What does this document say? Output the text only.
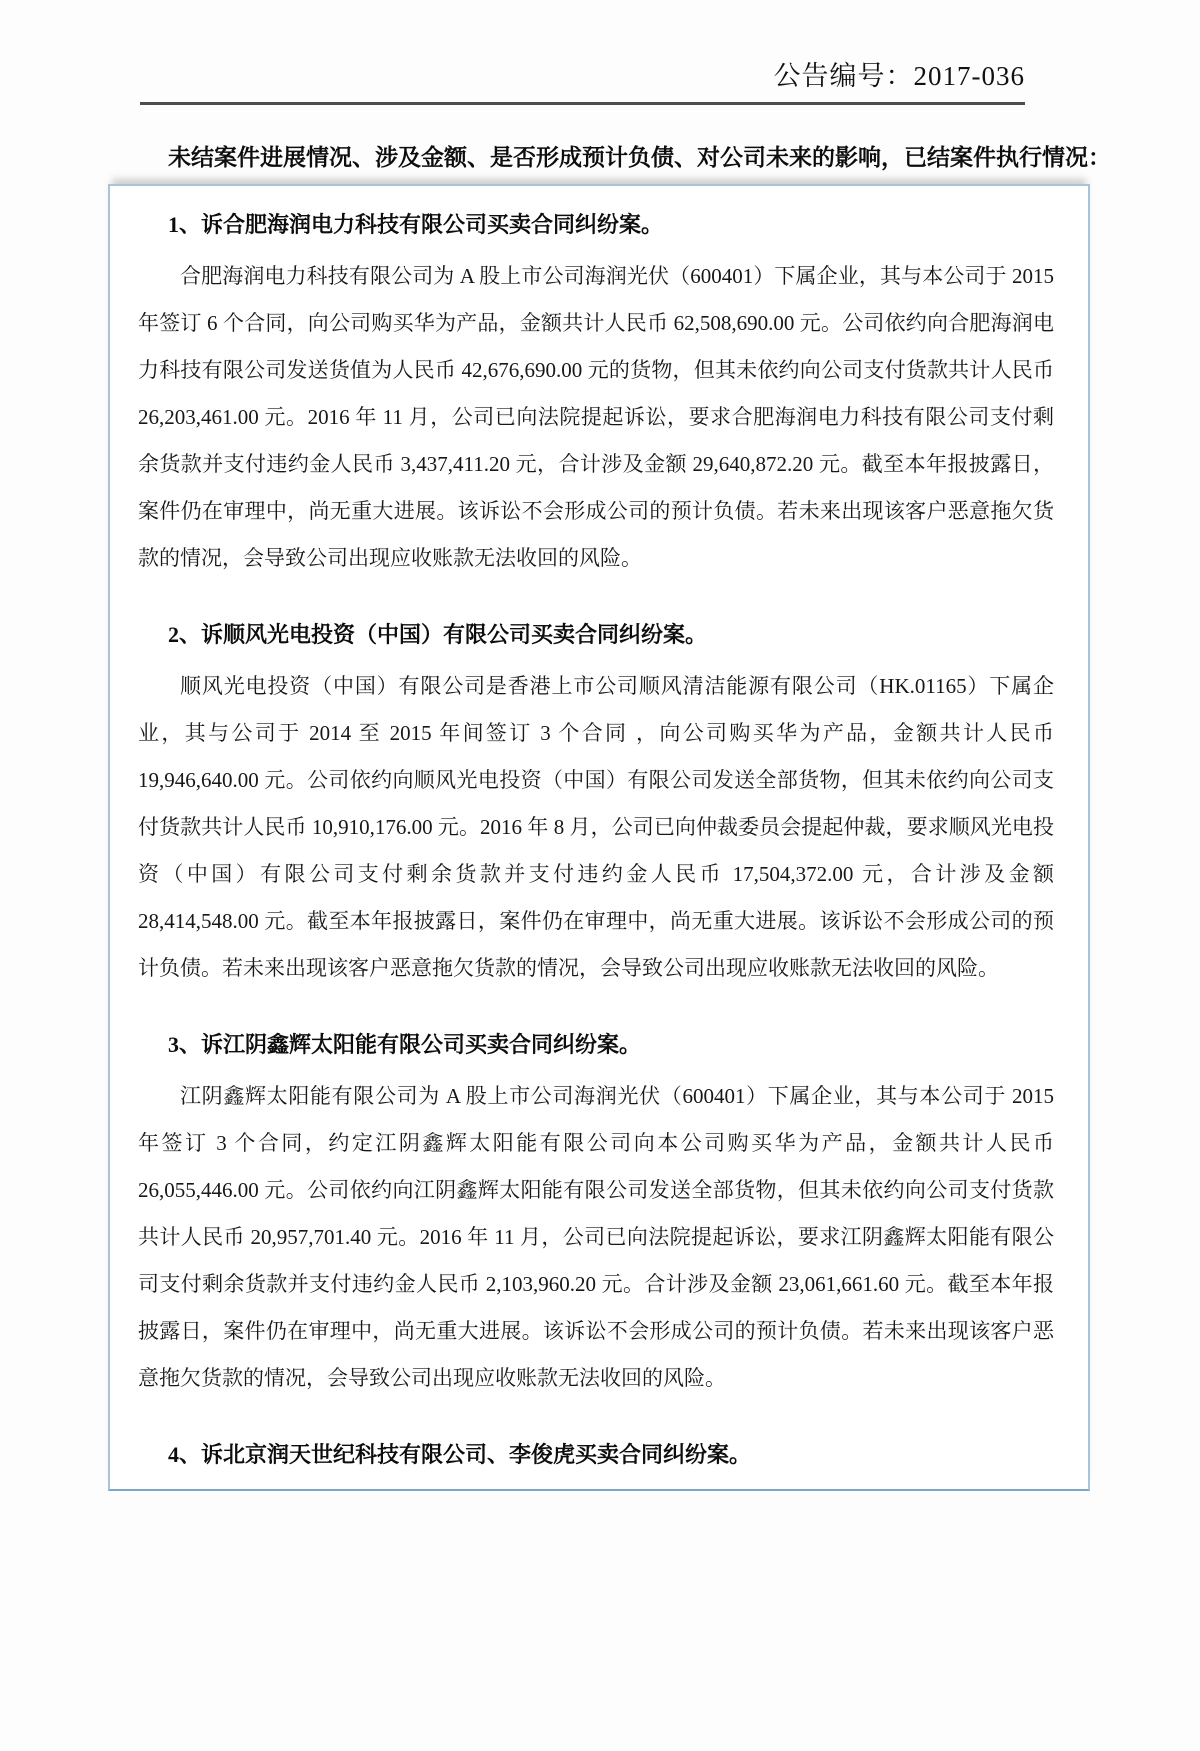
公告编号：2017-036
未结案件进展情况、涉及金额、是否形成预计负债、对公司未来的影响，已结案件执行情况：
1、诉合肥海润电力科技有限公司买卖合同纠纷案。

合肥海润电力科技有限公司为 A 股上市公司海润光伏（600401）下属企业，其与本公司于 2015 年签订 6 个合同，向公司购买华为产品，金额共计人民币 62,508,690.00 元。公司依约向合肥海润电力科技有限公司发送货值为人民币 42,676,690.00 元的货物，但其未依约向公司支付货款共计人民币 26,203,461.00 元。2016 年 11 月，公司已向法院提起诉讼，要求合肥海润电力科技有限公司支付剩余货款并支付违约金人民币 3,437,411.20 元，合计涉及金额 29,640,872.20 元。截至本年报披露日，案件仍在审理中，尚无重大进展。该诉讼不会形成公司的预计负债。若未来出现该客户恶意拖欠货款的情况，会导致公司出现应收账款无法收回的风险。

2、诉顺风光电投资（中国）有限公司买卖合同纠纷案。

顺风光电投资（中国）有限公司是香港上市公司顺风清洁能源有限公司（HK.01165）下属企业，其与公司于 2014 至 2015 年间签订 3 个合同 ，向公司购买华为产品，金额共计人民币 19,946,640.00 元。公司依约向顺风光电投资（中国）有限公司发送全部货物，但其未依约向公司支付货款共计人民币 10,910,176.00 元。2016 年 8 月，公司已向仲裁委员会提起仲裁，要求顺风光电投资（中国）有限公司支付剩余货款并支付违约金人民币 17,504,372.00 元，合计涉及金额 28,414,548.00 元。截至本年报披露日，案件仍在审理中，尚无重大进展。该诉讼不会形成公司的预计负债。若未来出现该客户恶意拖欠货款的情况，会导致公司出现应收账款无法收回的风险。

3、诉江阴鑫辉太阳能有限公司买卖合同纠纷案。

江阴鑫辉太阳能有限公司为 A 股上市公司海润光伏（600401）下属企业，其与本公司于 2015 年签订 3 个合同，约定江阴鑫辉太阳能有限公司向本公司购买华为产品，金额共计人民币 26,055,446.00 元。公司依约向江阴鑫辉太阳能有限公司发送全部货物，但其未依约向公司支付货款共计人民币 20,957,701.40 元。2016 年 11 月，公司已向法院提起诉讼，要求江阴鑫辉太阳能有限公司支付剩余货款并支付违约金人民币 2,103,960.20 元。合计涉及金额 23,061,661.60 元。截至本年报披露日，案件仍在审理中，尚无重大进展。该诉讼不会形成公司的预计负债。若未来出现该客户恶意拖欠货款的情况，会导致公司出现应收账款无法收回的风险。

4、诉北京润天世纪科技有限公司、李俊虎买卖合同纠纷案。
